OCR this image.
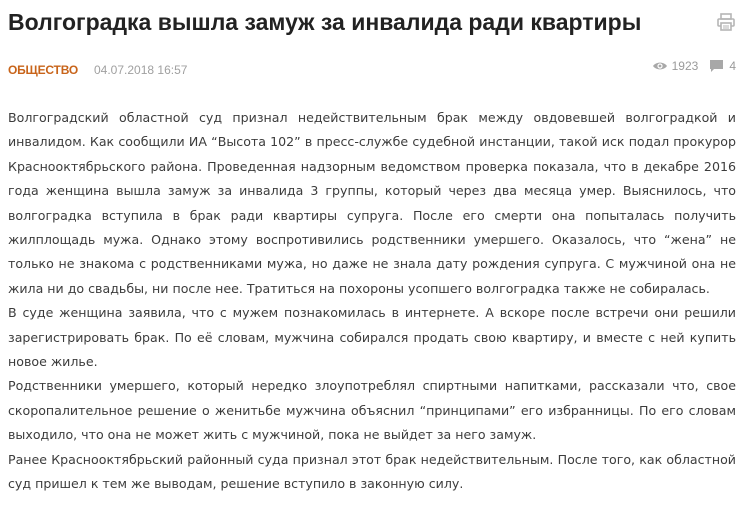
Волгоградка вышла замуж за инвалида ради квартиры
ОБЩЕСТВО 04.07.2018 16:57	1923	4

Волгоградский областной суд признал недействительным брак между овдовевшей волгоградкой и инвалидом. Как сообщили ИА “Высота 102” в пресс-службе судебной инстанции, такой иск подал прокурор Краснооктябрьского района. Проведенная надзорным ведомством проверка показала, что в декабре 2016 года женщина вышла замуж за инвалида 3 группы, который через два месяца умер. Выяснилось, что волгоградка вступила в брак ради квартиры супруга. После его смерти она попыталась получить жилплощадь мужа. Однако этому воспротивились родственники умершего. Оказалось, что “жена” не только не знакома с родственниками мужа, но даже не знала дату рождения супруга. С мужчиной она не жила ни до свадьбы, ни после нее. Тратиться на похороны усопшего волгоградка также не собиралась.

В суде женщина заявила, что с мужем познакомилась в интернете. А вскоре после встречи они решили зарегистрировать брак. По её словам, мужчина собирался продать свою квартиру, и вместе с ней купить новое жилье.

Родственники умершего, который нередко злоупотреблял спиртными напитками, рассказали что, свое скоропалительное решение о женитьбе мужчина объяснил “принципами” его избранницы. По его словам выходило, что она не может жить с мужчиной, пока не выйдет за него замуж.

Ранее Краснооктябрьский районный суда признал этот брак недействительным. После того, как областной суд пришел к тем же выводам, решение вступило в законную силу.
